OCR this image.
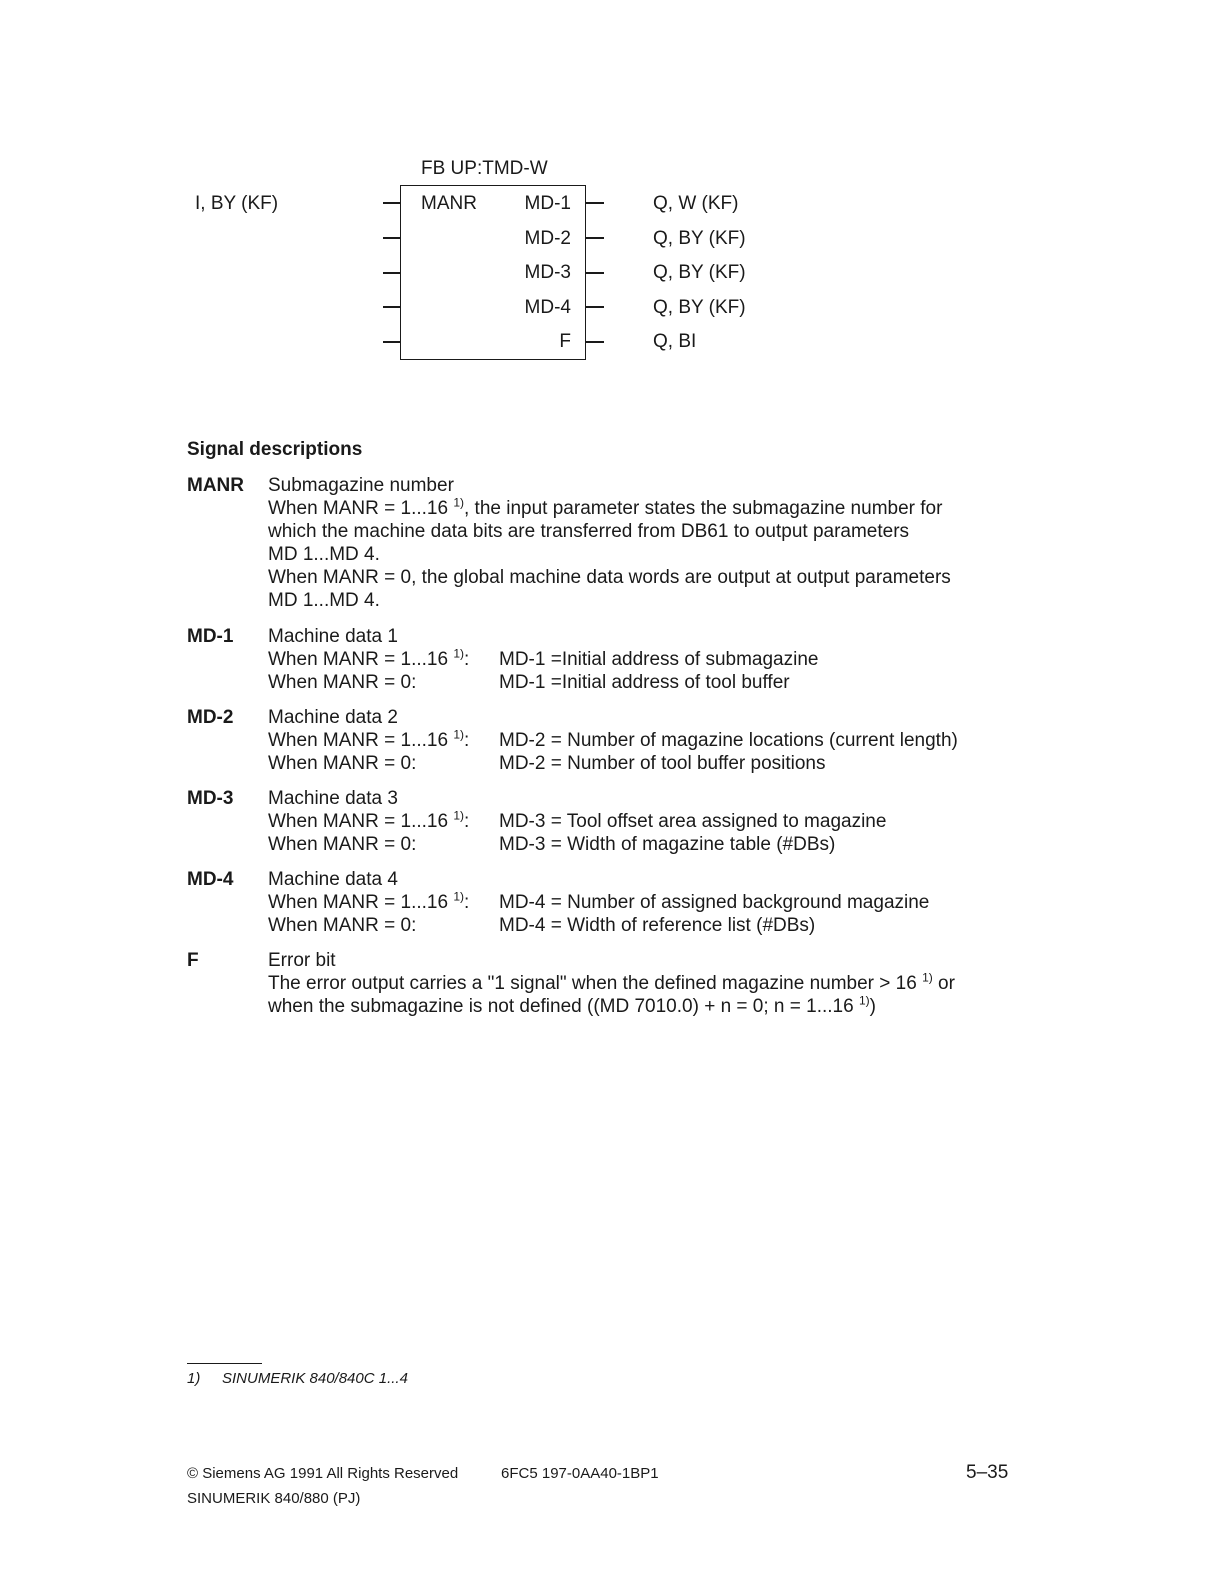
FB UP:TMD-W
I, BY (KF)	MANR	MD-1
MD-2
MD-3
MD-4
F
Q, W (KF)
Q, BY (KF)
Q, BY (KF)
Q, BY (KF)
Q, BI
Signal descriptions
MANR Submagazine number
When MANR = 1...16 $^{1)}$, the input parameter states the submagazine number for
which the machine data bits are transferred from DB61 to output parameters
MD 1...MD 4.
When MANR = 0, the global machine data words are output at output parameters
MD 1...MD 4.
MD-1 Machine data 1
When MANR = 1...16 $^{1)}$:	MD-1 =Initial address of submagazine
When MANR = 0:	MD-1 =Initial address of tool buffer
MD-2 Machine data 2
When MANR = 1...16 $^{1)}$:	MD-2 = Number of magazine locations (current length)
When MANR = 0:	MD-2 = Number of tool buffer positions
MD-3 Machine data 3
When MANR = 1...16 $^{1)}$:	MD-3 = Tool offset area assigned to magazine
When MANR = 0:	MD-3 = Width of magazine table (#DBs)
MD-4 Machine data 4
When MANR = 1...16 $^{1)}$:	MD-4 = Number of assigned background magazine
When MANR = 0:	MD-4 = Width of reference list (#DBs)
F	Error bit
The error output carries a "1 signal" when the defined magazine number > 16 $^{1)}$ or
when the submagazine is not defined ((MD 7010.0) + n = 0; n = 1...16 $^{1)}$)
1) SINUMERIK 840/840C 1...4
© Siemens AG 1991 All Rights Reserved	6FC5 197-0AA40-1BP1	5–35
SINUMERIK 840/880 (PJ)
